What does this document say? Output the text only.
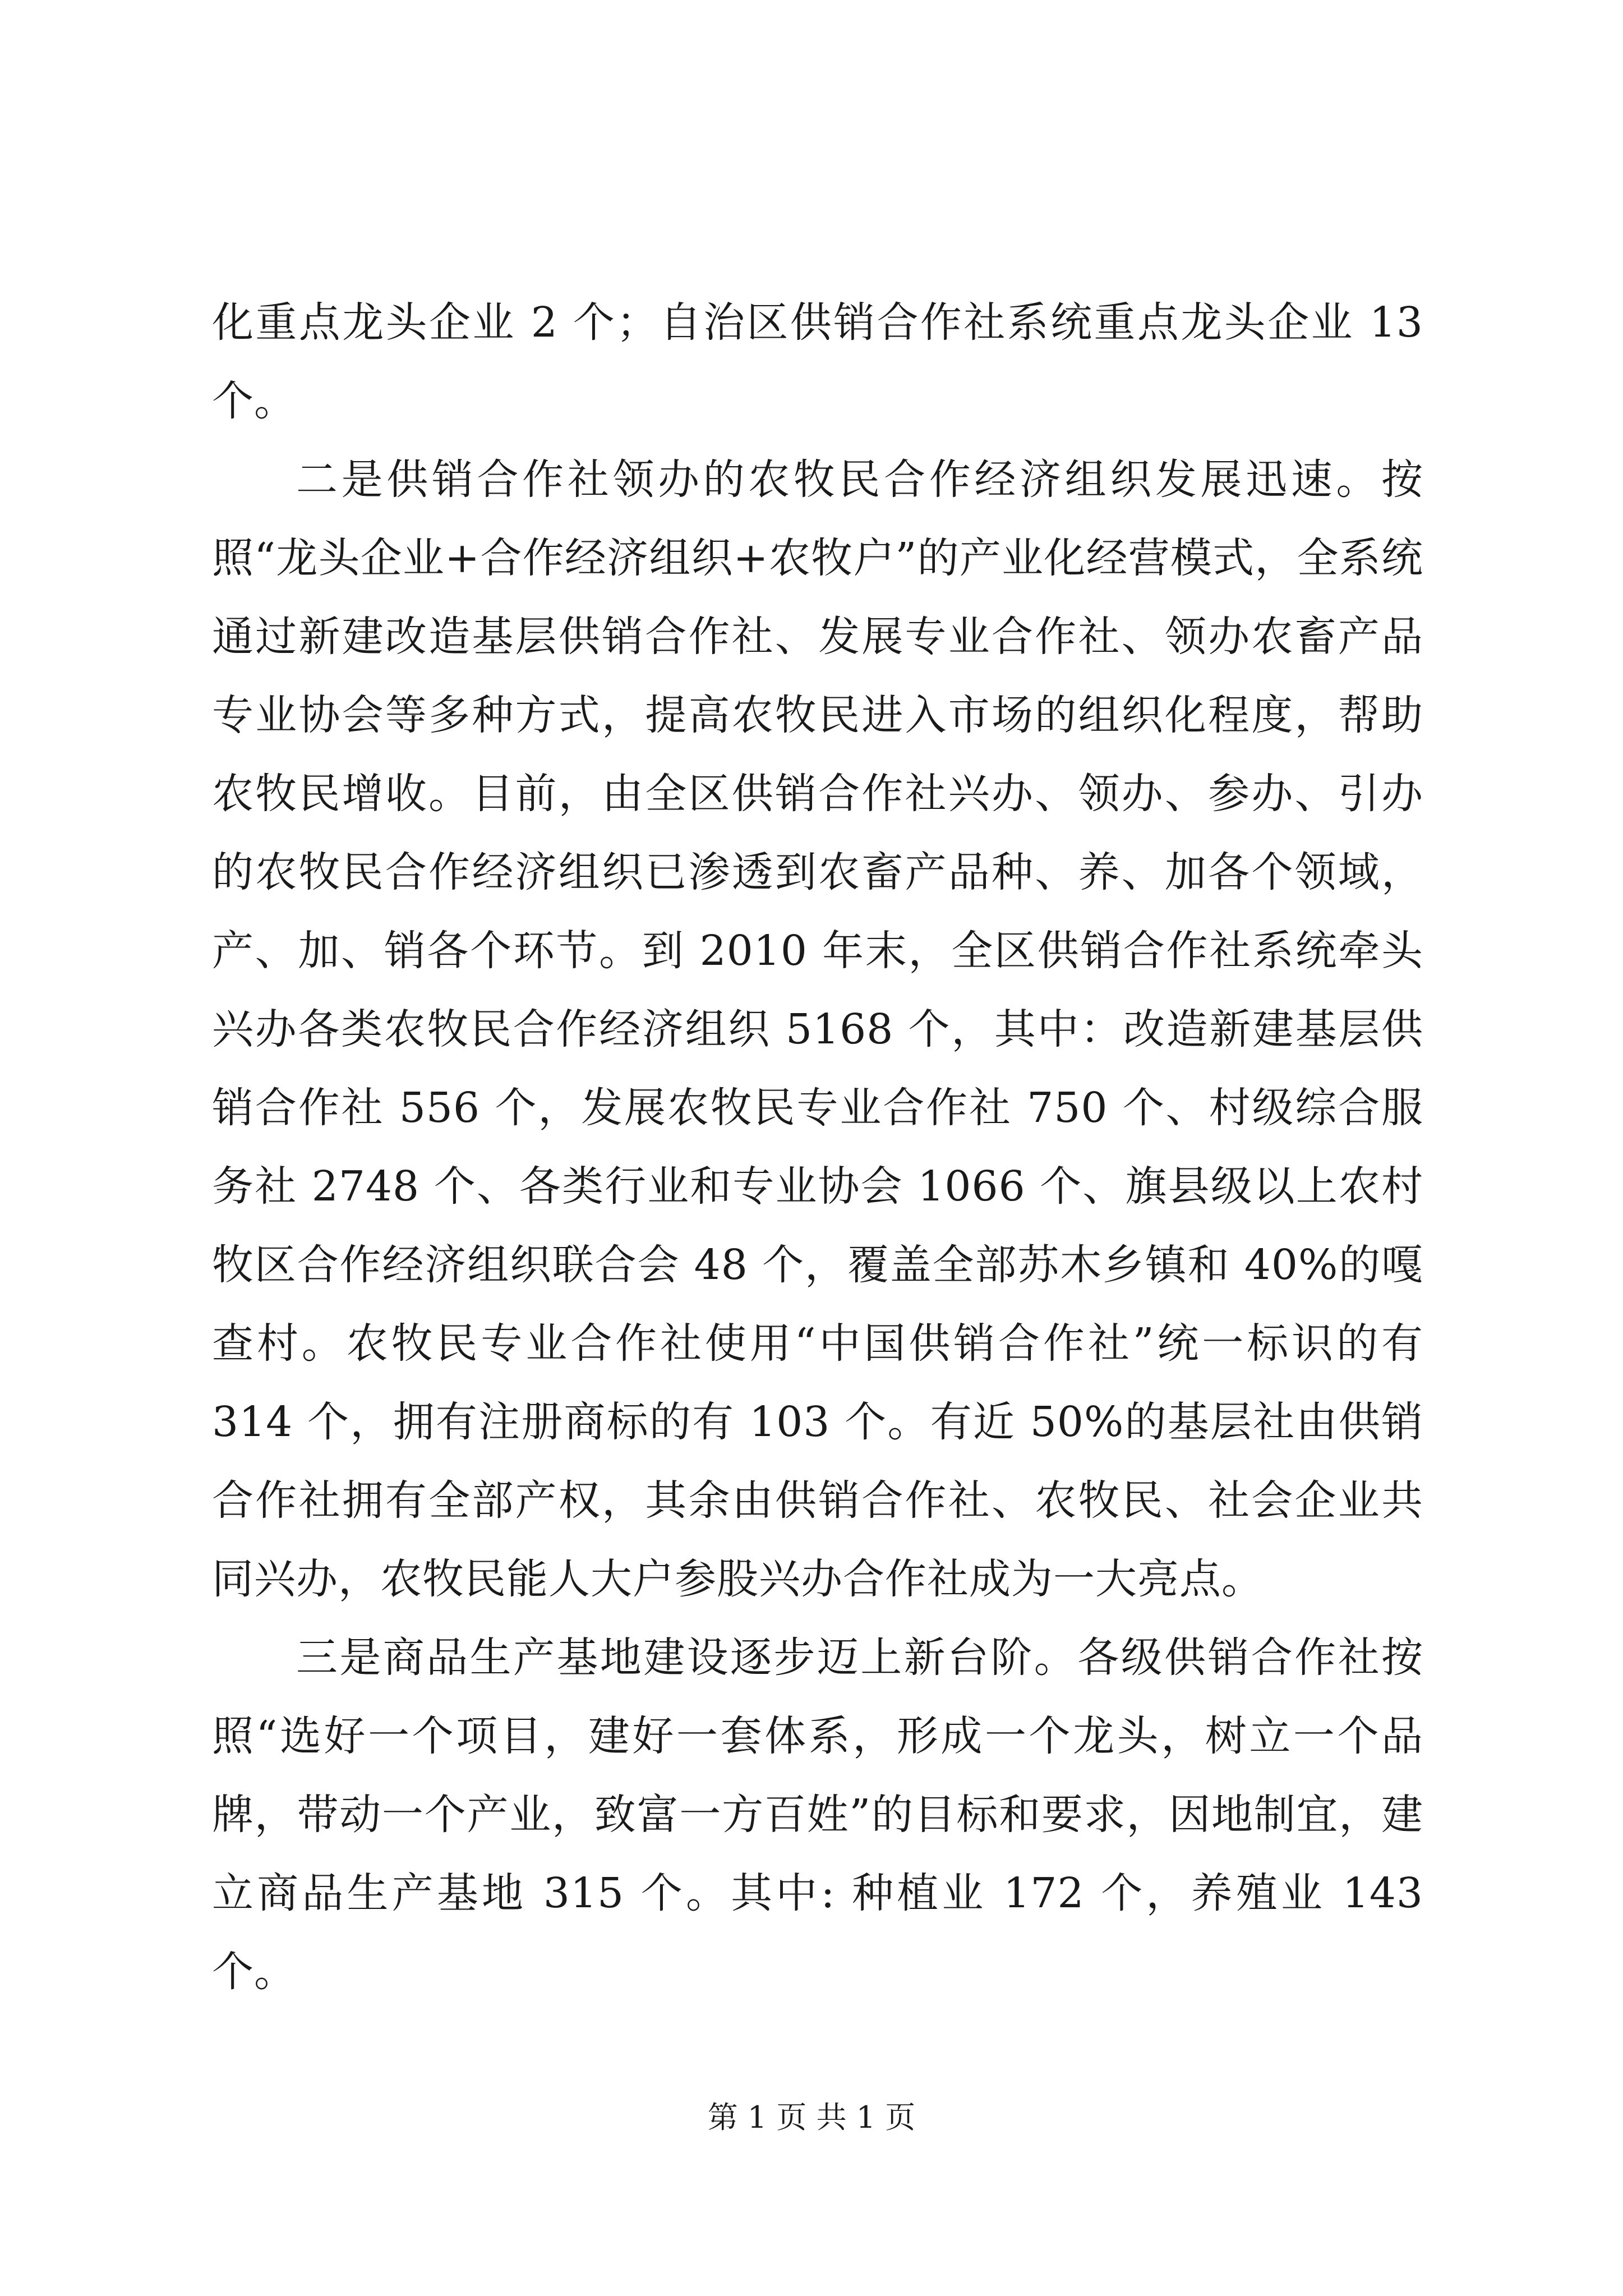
化重点龙头企业 2 个；自治区供销合作社系统重点龙头企业 13 个。

二是供销合作社领办的农牧民合作经济组织发展迅速。按照“龙头企业+合作经济组织+农牧户”的产业化经营模式，全系统通过新建改造基层供销合作社、发展专业合作社、领办农畜产品专业协会等多种方式，提高农牧民进入市场的组织化程度，帮助农牧民增收。目前，由全区供销合作社兴办、领办、参办、引办的农牧民合作经济组织已渗透到农畜产品种、养、加各个领域，产、加、销各个环节。到 2010 年末，全区供销合作社系统牵头兴办各类农牧民合作经济组织 5168 个，其中：改造新建基层供销合作社 556 个，发展农牧民专业合作社 750 个、村级综合服务社 2748 个、各类行业和专业协会 1066 个、旗县级以上农村牧区合作经济组织联合会 48 个，覆盖全部苏木乡镇和 40%的嘎查村。农牧民专业合作社使用“中国供销合作社”统一标识的有 314 个，拥有注册商标的有 103 个。有近 50%的基层社由供销合作社拥有全部产权，其余由供销合作社、农牧民、社会企业共同兴办，农牧民能人大户参股兴办合作社成为一大亮点。

三是商品生产基地建设逐步迈上新台阶。各级供销合作社按照“选好一个项目，建好一套体系，形成一个龙头，树立一个品牌，带动一个产业，致富一方百姓”的目标和要求，因地制宜，建立商品生产基地 315 个。其中: 种植业 172 个，养殖业 143 个。

第 1 页 共 1 页
